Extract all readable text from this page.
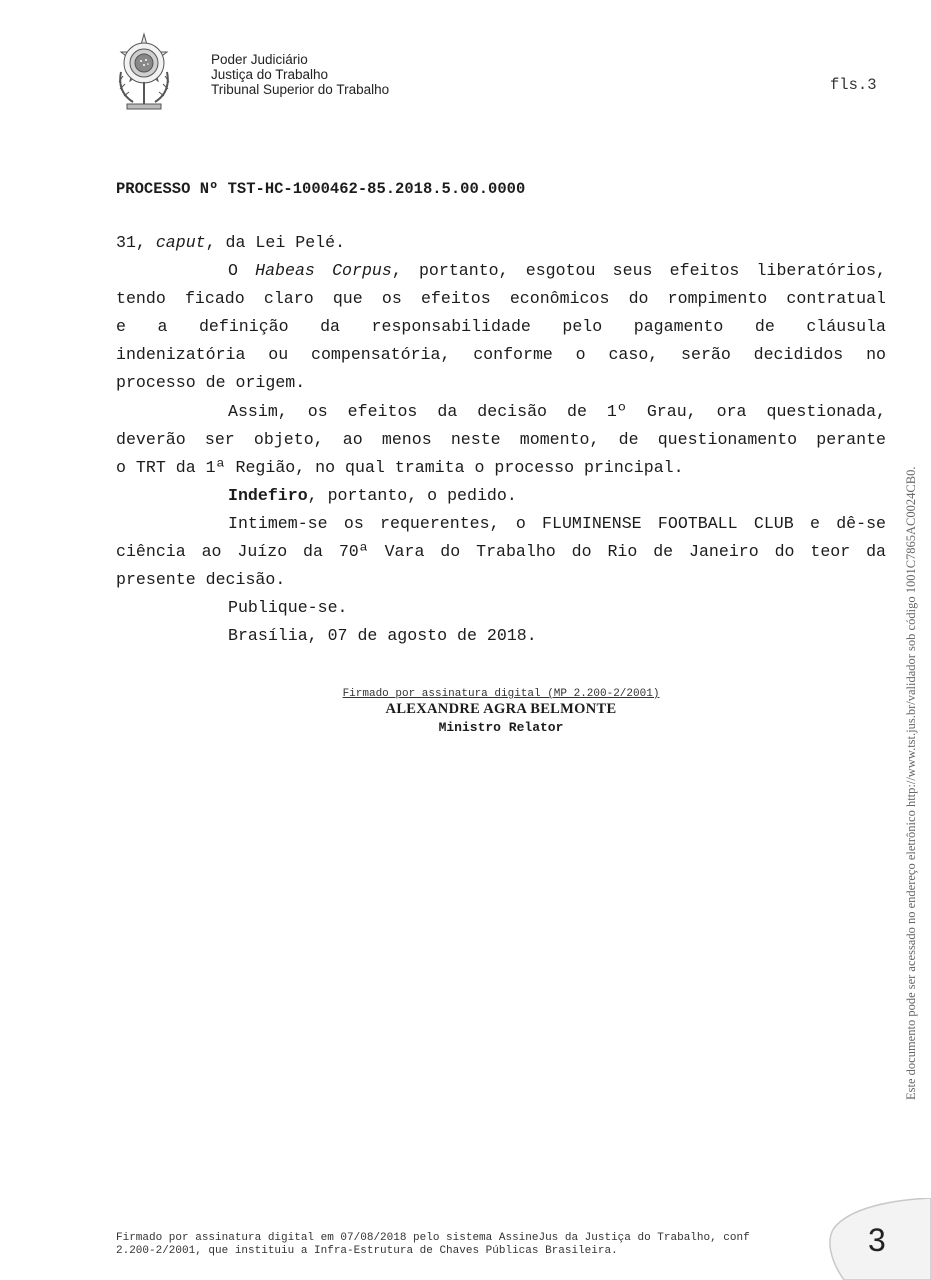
Poder Judiciário
Justiça do Trabalho
Tribunal Superior do Trabalho	fls.3
PROCESSO Nº TST-HC-1000462-85.2018.5.00.0000
31, caput, da Lei Pelé.
O Habeas Corpus, portanto, esgotou seus efeitos liberatórios,
tendo ficado claro que os efeitos econômicos do rompimento contratual
e a definição da responsabilidade pelo pagamento de cláusula
indenizatória ou compensatória, conforme o caso, serão decididos no
processo de origem.
Assim, os efeitos da decisão de 1º Grau, ora questionada,
deverão ser objeto, ao menos neste momento, de questionamento perante
o TRT da 1ª Região, no qual tramita o processo principal.
Indefiro, portanto, o pedido.
Intimem-se os requerentes, o FLUMINENSE FOOTBALL CLUB e dê-se
ciência ao Juízo da 70ª Vara do Trabalho do Rio de Janeiro do teor da
presente decisão.
Publique-se.
Brasília, 07 de agosto de 2018.
Firmado por assinatura digital (MP 2.200-2/2001)
ALEXANDRE AGRA BELMONTE
Ministro Relator	Este documento pode ser acessado no endereço eletrônico http://www.tst.jus.br/validador sob código 1001C7865AC0024CB0.
Firmado por assinatura digital em 07/08/2018 pelo sistema AssineJus da Justiça do Trabalho, conf
2.200-2/2001, que instituiu a Infra-Estrutura de Chaves Públicas Brasileira.	3
